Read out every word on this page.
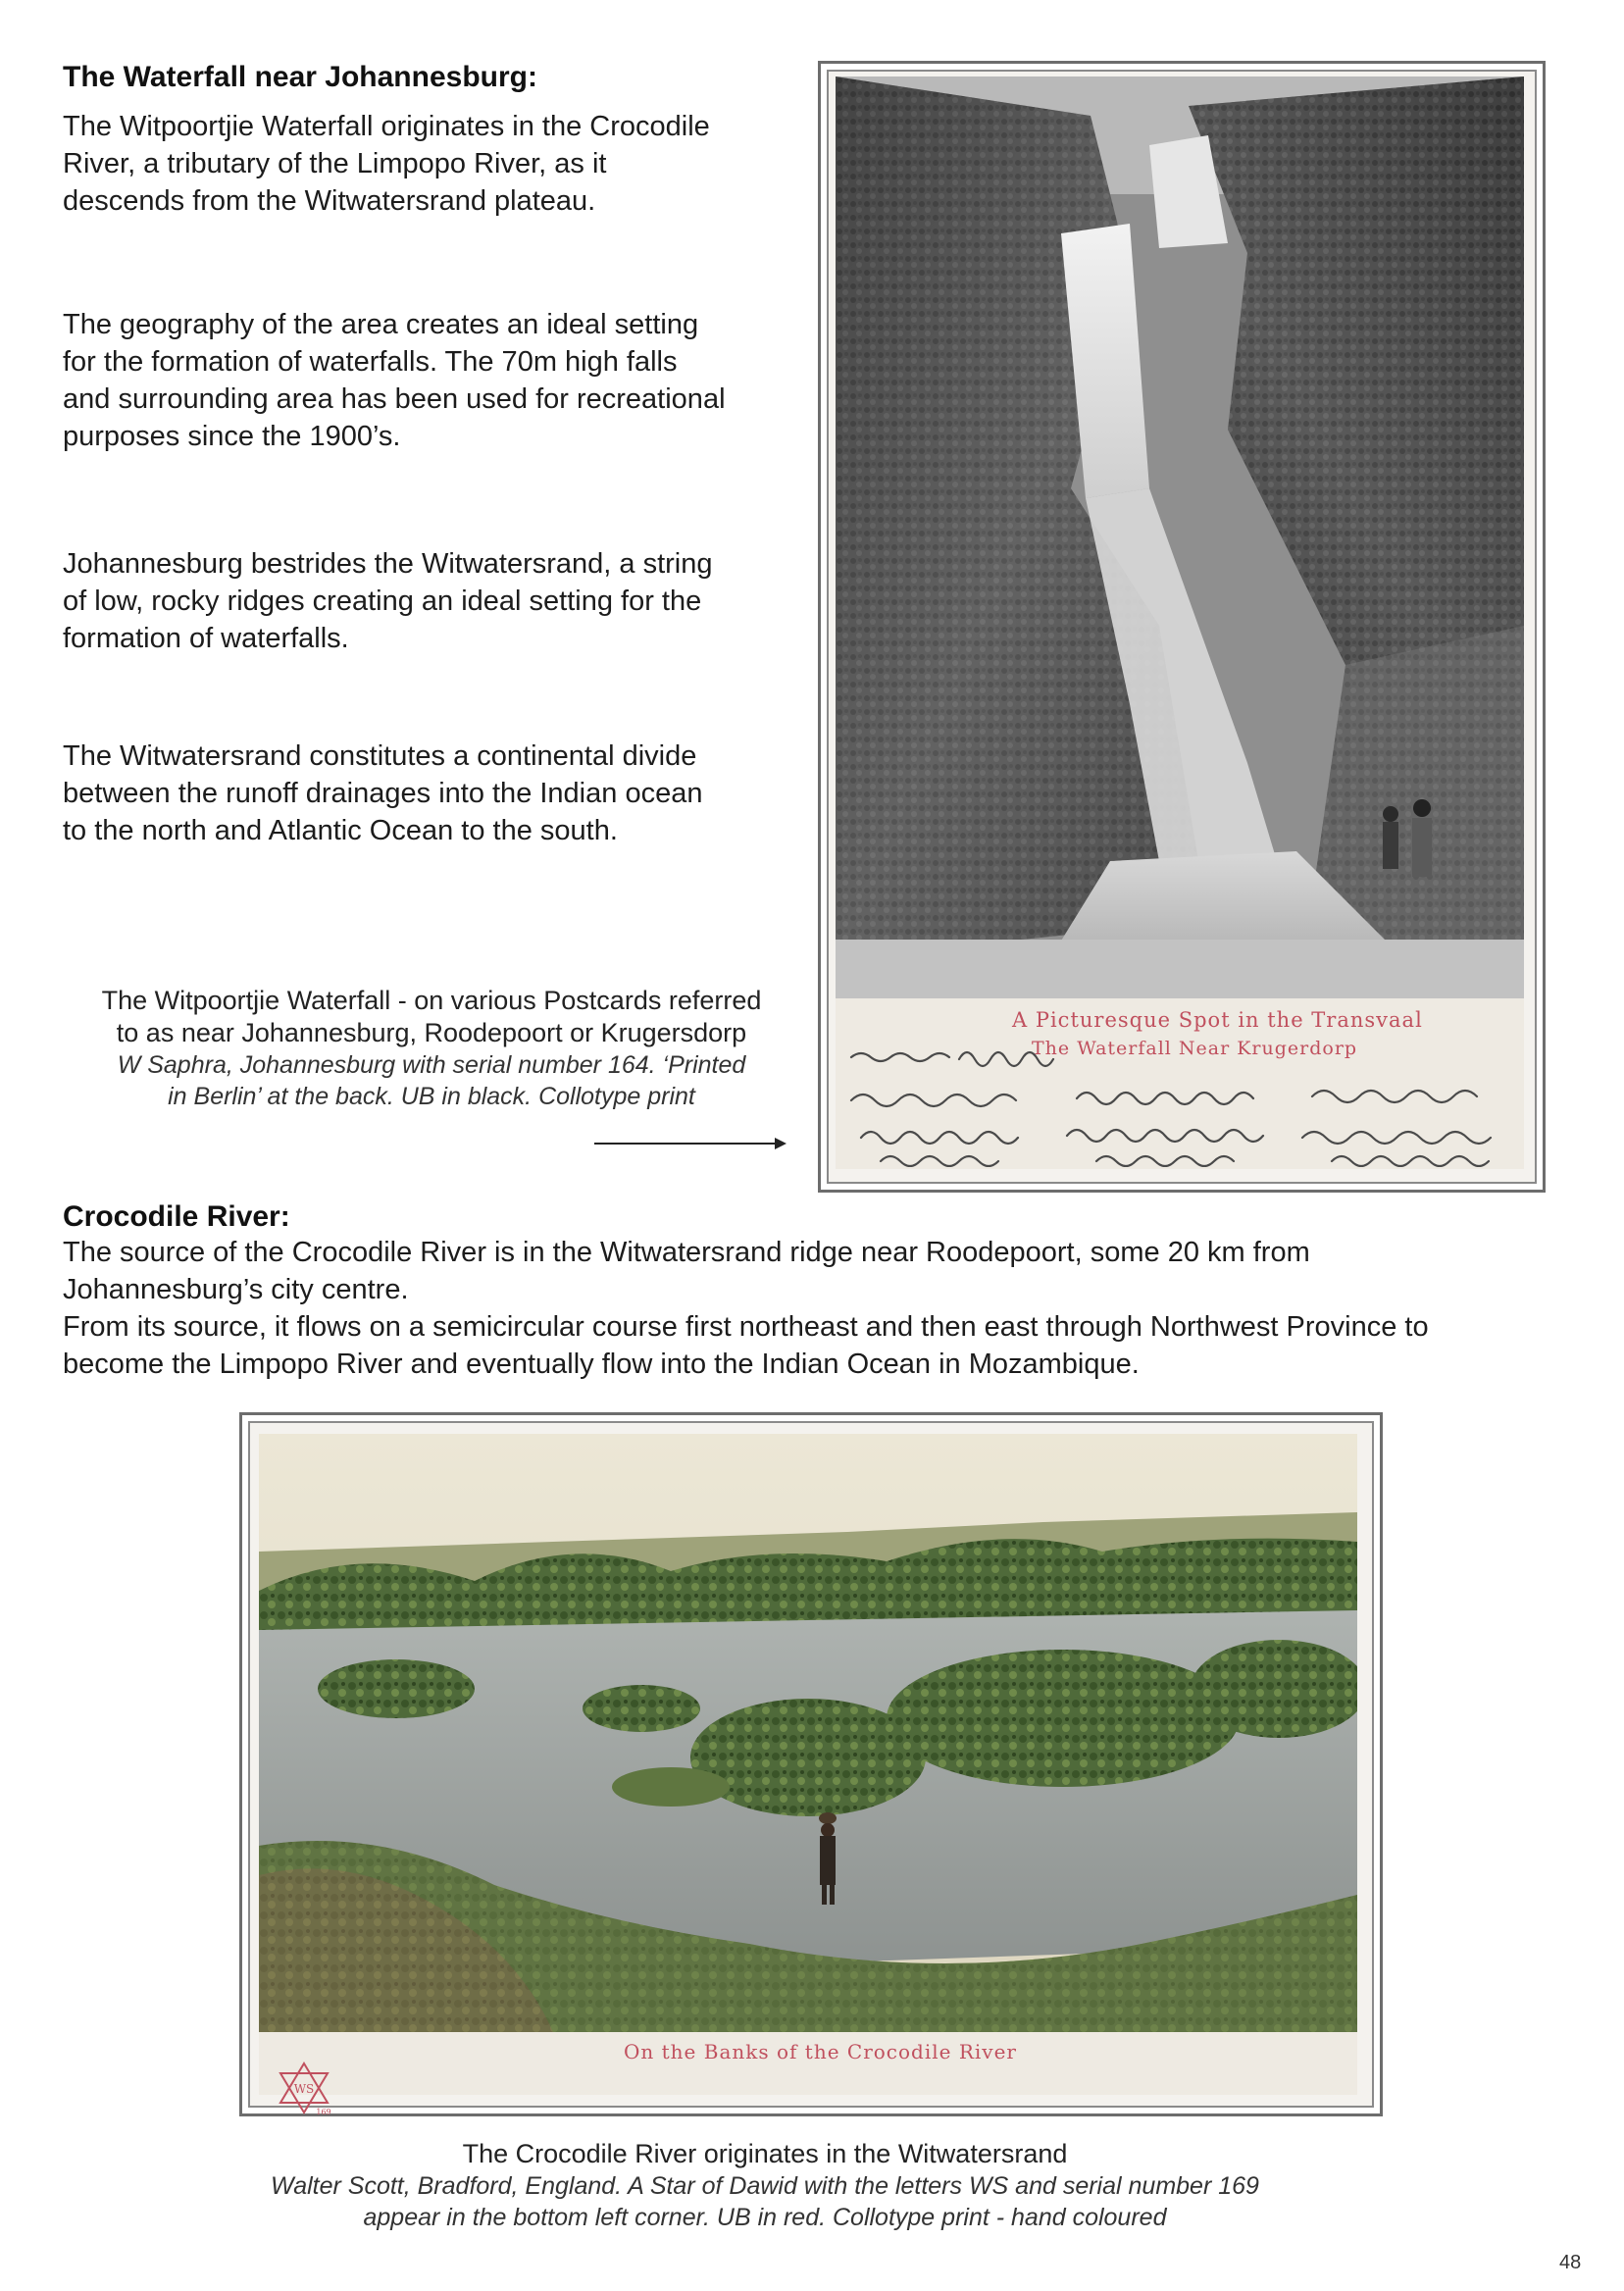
The Waterfall near Johannesburg:
The Witpoortjie Waterfall originates in the Crocodile
River, a tributary of the Limpopo River, as it
descends from the Witwatersrand plateau.
The geography of the area creates an ideal setting
for the formation of waterfalls. The 70m high falls
and surrounding area has been used for recreational
purposes since the 1900’s.
Johannesburg bestrides the Witwatersrand, a string
of low, rocky ridges creating an ideal setting for the
formation of waterfalls.
The Witwatersrand constitutes a continental divide
between the runoff drainages into the Indian ocean
to the north and Atlantic Ocean to the south.
The Witpoortjie Waterfall - on various Postcards referred
to as near Johannesburg, Roodepoort or Krugersdorp
W Saphra, Johannesburg with serial number 164. ‘Printed
in Berlin’ at the back. UB in black. Collotype print
A Picturesque Spot in the Transvaal
The Waterfall Near Krugerdorp
Crocodile River:
The source of the Crocodile River is in the Witwatersrand ridge near Roodepoort, some 20 km from
Johannesburg’s city centre.
From its source, it flows on a semicircular course first northeast and then east through Northwest Province to
become the Limpopo River and eventually flow into the Indian Ocean in Mozambique.
On the Banks of the Crocodile River
WS
169
The Crocodile River originates in the Witwatersrand
Walter Scott, Bradford, England. A Star of Dawid with the letters WS and serial number 169
appear in the bottom left corner. UB in red. Collotype print - hand coloured
48
